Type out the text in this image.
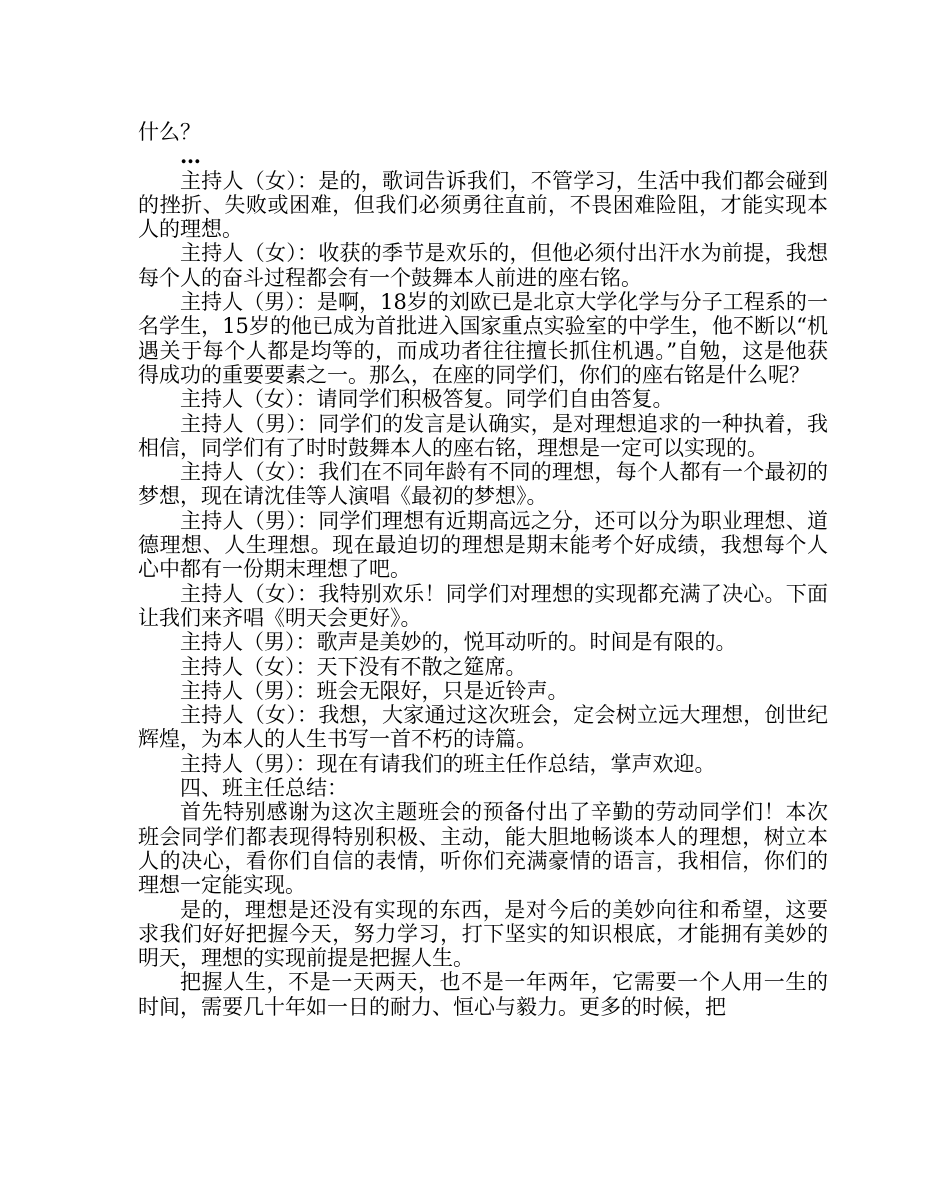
什么？

…

主持人（女）：是的，歌词告诉我们，不管学习，生活中我们都会碰到的挫折、失败或困难，但我们必须勇往直前，不畏困难险阻，才能实现本人的理想。

主持人（女）：收获的季节是欢乐的，但他必须付出汗水为前提，我想每个人的奋斗过程都会有一个鼓舞本人前进的座右铭。

主持人（男）：是啊，18岁的刘欧已是北京大学化学与分子工程系的一名学生，15岁的他已成为首批进入国家重点实验室的中学生，他不断以“机遇关于每个人都是均等的，而成功者往往擅长抓住机遇。”自勉，这是他获得成功的重要要素之一。那么，在座的同学们，你们的座右铭是什么呢？

主持人（女）：请同学们积极答复。同学们自由答复。

主持人（男）：同学们的发言是认确实，是对理想追求的一种执着，我相信，同学们有了时时鼓舞本人的座右铭，理想是一定可以实现的。

主持人（女）：我们在不同年龄有不同的理想，每个人都有一个最初的梦想，现在请沈佳等人演唱《最初的梦想》。

主持人（男）：同学们理想有近期高远之分，还可以分为职业理想、道德理想、人生理想。现在最迫切的理想是期末能考个好成绩，我想每个人心中都有一份期末理想了吧。

主持人（女）：我特别欢乐！同学们对理想的实现都充满了决心。下面让我们来齐唱《明天会更好》。

主持人（男）：歌声是美妙的，悦耳动听的。时间是有限的。

主持人（女）：天下没有不散之筵席。

主持人（男）：班会无限好，只是近铃声。

主持人（女）：我想，大家通过这次班会，定会树立远大理想，创世纪辉煌，为本人的人生书写一首不朽的诗篇。

主持人（男）：现在有请我们的班主任作总结，掌声欢迎。

四、班主任总结：

首先特别感谢为这次主题班会的预备付出了辛勤的劳动同学们！本次班会同学们都表现得特别积极、主动，能大胆地畅谈本人的理想，树立本人的决心，看你们自信的表情，听你们充满豪情的语言，我相信，你们的理想一定能实现。

是的，理想是还没有实现的东西，是对今后的美妙向往和希望，这要求我们好好把握今天，努力学习，打下坚实的知识根底，才能拥有美妙的明天，理想的实现前提是把握人生。

把握人生，不是一天两天，也不是一年两年，它需要一个人用一生的时间，需要几十年如一日的耐力、恒心与毅力。更多的时候，把
